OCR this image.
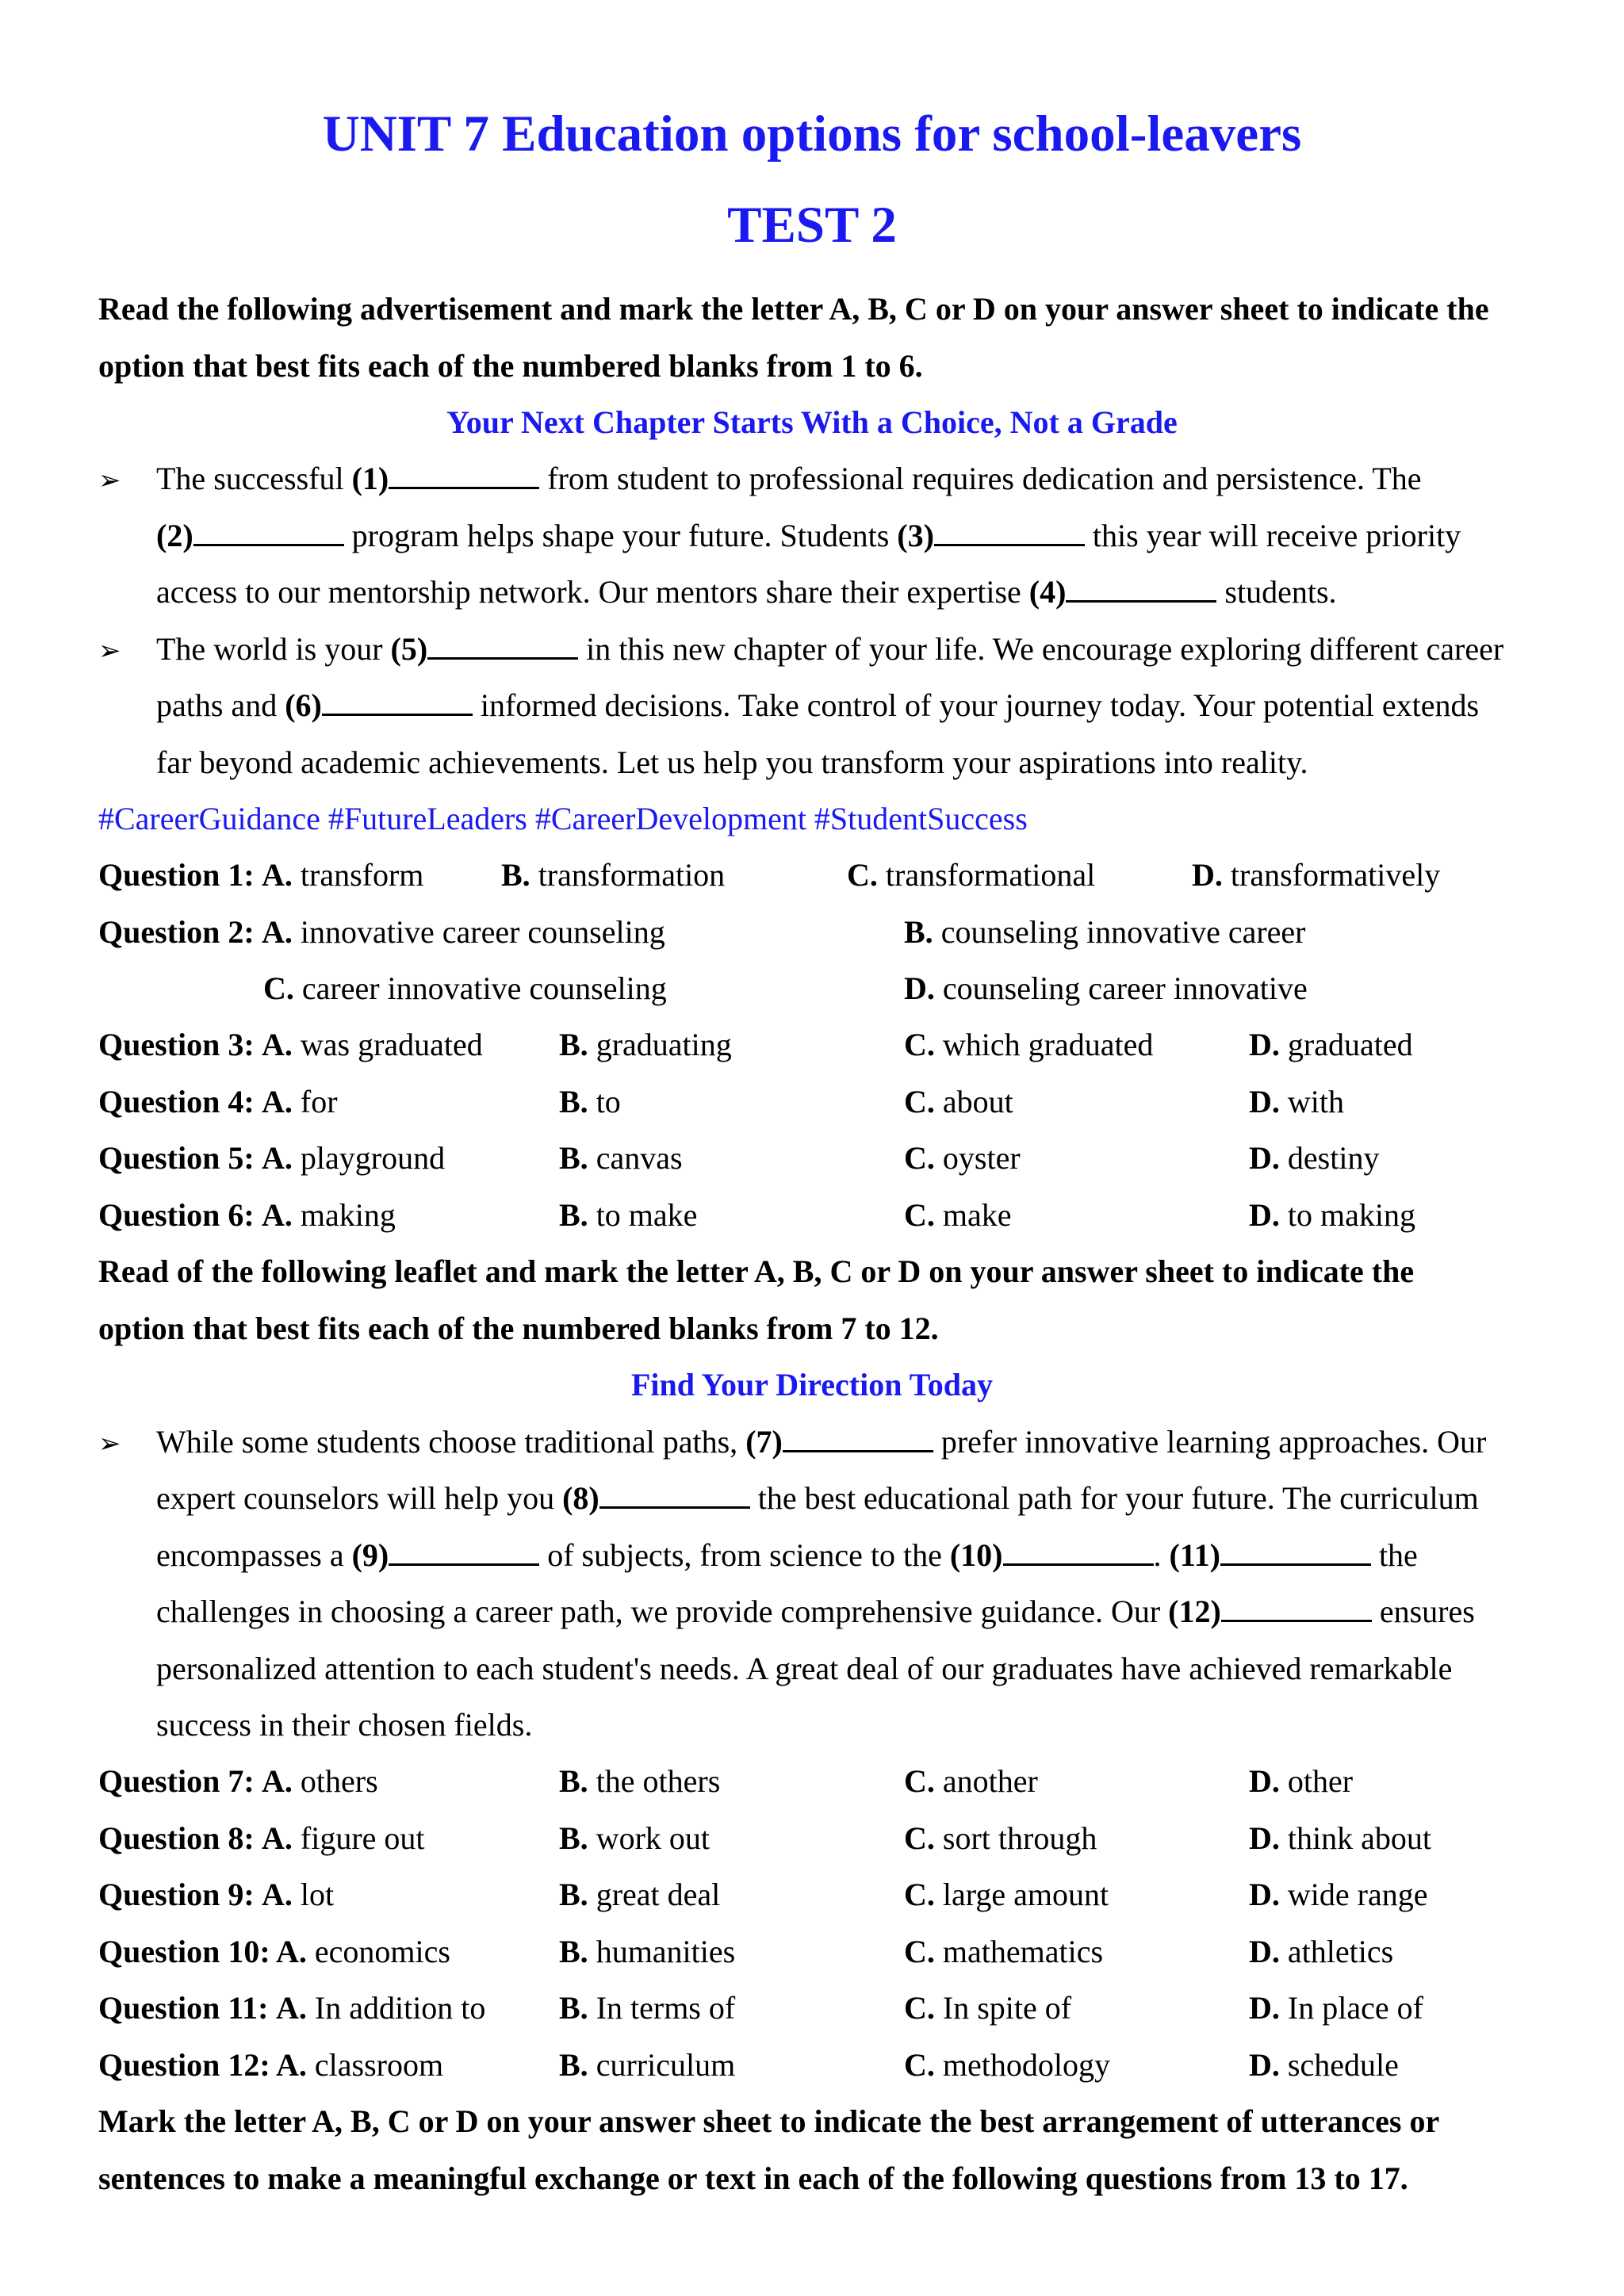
UNIT 7 Education options for school-leavers
TEST 2
Read the following advertisement and mark the letter A, B, C or D on your answer sheet to indicate the
option that best fits each of the numbered blanks from 1 to 6.
Your Next Chapter Starts With a Choice, Not a Grade
➢ The successful (1)	from student to professional requires dedication and persistence. The
(2)	program helps shape your future. Students (3)	this year will receive priority
access to our mentorship network. Our mentors share their expertise (4)	students.
➢ The world is your (5)	in this new chapter of your life. We encourage exploring different career
paths and (6)	informed decisions. Take control of your journey today. Your potential extends
far beyond academic achievements. Let us help you transform your aspirations into reality.
#CareerGuidance #FutureLeaders #CareerDevelopment #StudentSuccess
Question 1: A. transform B. transformation	C. transformational	D. transformatively
Question 2: A. innovative career counseling	B. counseling innovative career
C. career innovative counseling	D. counseling career innovative
Question 3: A. was graduated B. graduating	C. which graduated	D. graduated
Question 4: A. for	B. to	C. about	D. with
Question 5: A. playground	B. canvas	C. oyster	D. destiny
Question 6: A. making	B. to make	C. make	D. to making
Read of the following leaflet and mark the letter A, B, C or D on your answer sheet to indicate the
option that best fits each of the numbered blanks from 7 to 12.
Find Your Direction Today
➢ While some students choose traditional paths, (7)	prefer innovative learning approaches. Our
expert counselors will help you (8)	the best educational path for your future. The curriculum
encompasses a (9)	of subjects, from science to the (10)	. (11)	the
challenges in choosing a career path, we provide comprehensive guidance. Our (12)	ensures
personalized attention to each student's needs. A great deal of our graduates have achieved remarkable
success in their chosen fields.
Question 7: A. others	B. the others	C. another	D. other
Question 8: A. figure out	B. work out	C. sort through	D. think about
Question 9: A. lot	B. great deal	C. large amount	D. wide range
Question 10: A. economics	B. humanities	C. mathematics	D. athletics
Question 11: A. In addition to B. In terms of	C. In spite of	D. In place of
Question 12: A. classroom	B. curriculum	C. methodology	D. schedule
Mark the letter A, B, C or D on your answer sheet to indicate the best arrangement of utterances or
sentences to make a meaningful exchange or text in each of the following questions from 13 to 17.
